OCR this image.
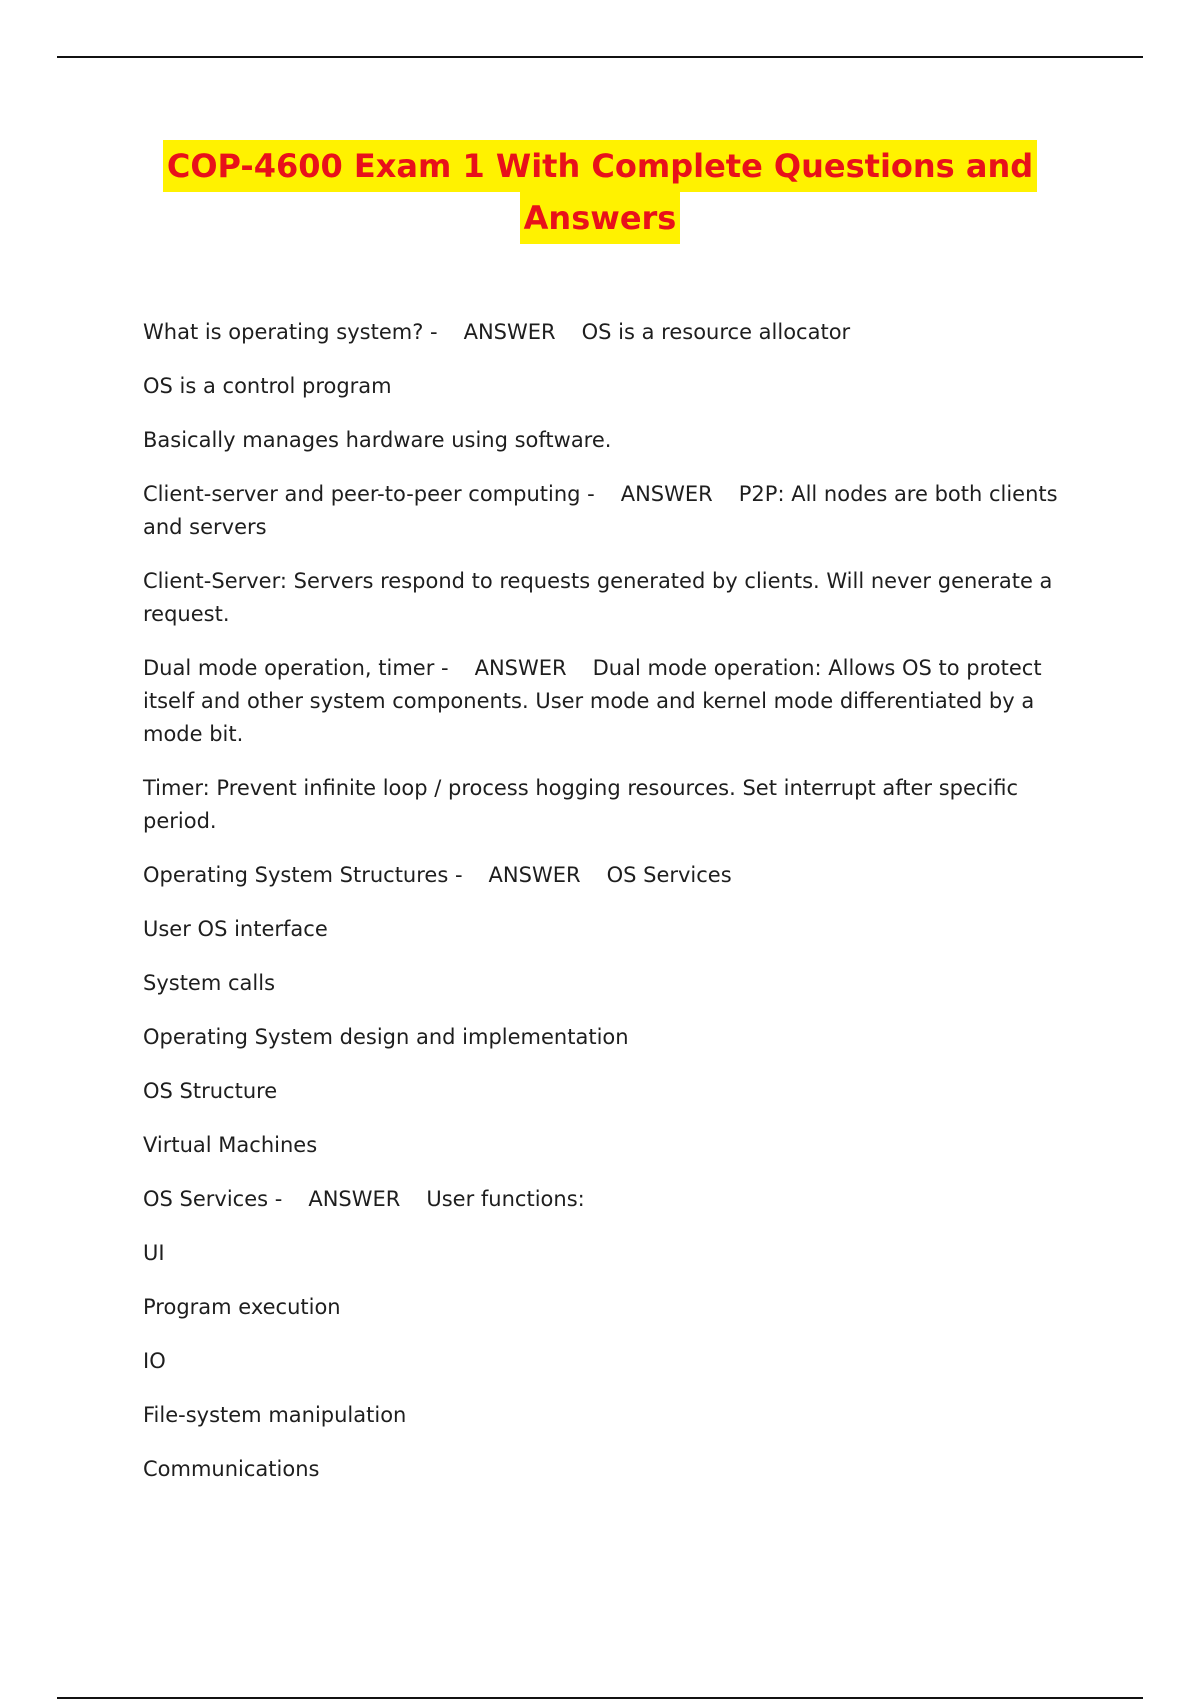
COP-4600 Exam 1 With Complete Questions and
Answers

What is operating system? - ANSWER OS is a resource allocator

OS is a control program

Basically manages hardware using software.

Client-server and peer-to-peer computing - ANSWER P2P: All nodes are both clients and servers

Client-Server: Servers respond to requests generated by clients. Will never generate a request.

Dual mode operation, timer - ANSWER Dual mode operation: Allows OS to protect itself and other system components. User mode and kernel mode differentiated by a mode bit.

Timer: Prevent infinite loop / process hogging resources. Set interrupt after specific period.

Operating System Structures - ANSWER OS Services

User OS interface

System calls

Operating System design and implementation

OS Structure

Virtual Machines

OS Services - ANSWER User functions:

UI

Program execution

IO

File-system manipulation

Communications
